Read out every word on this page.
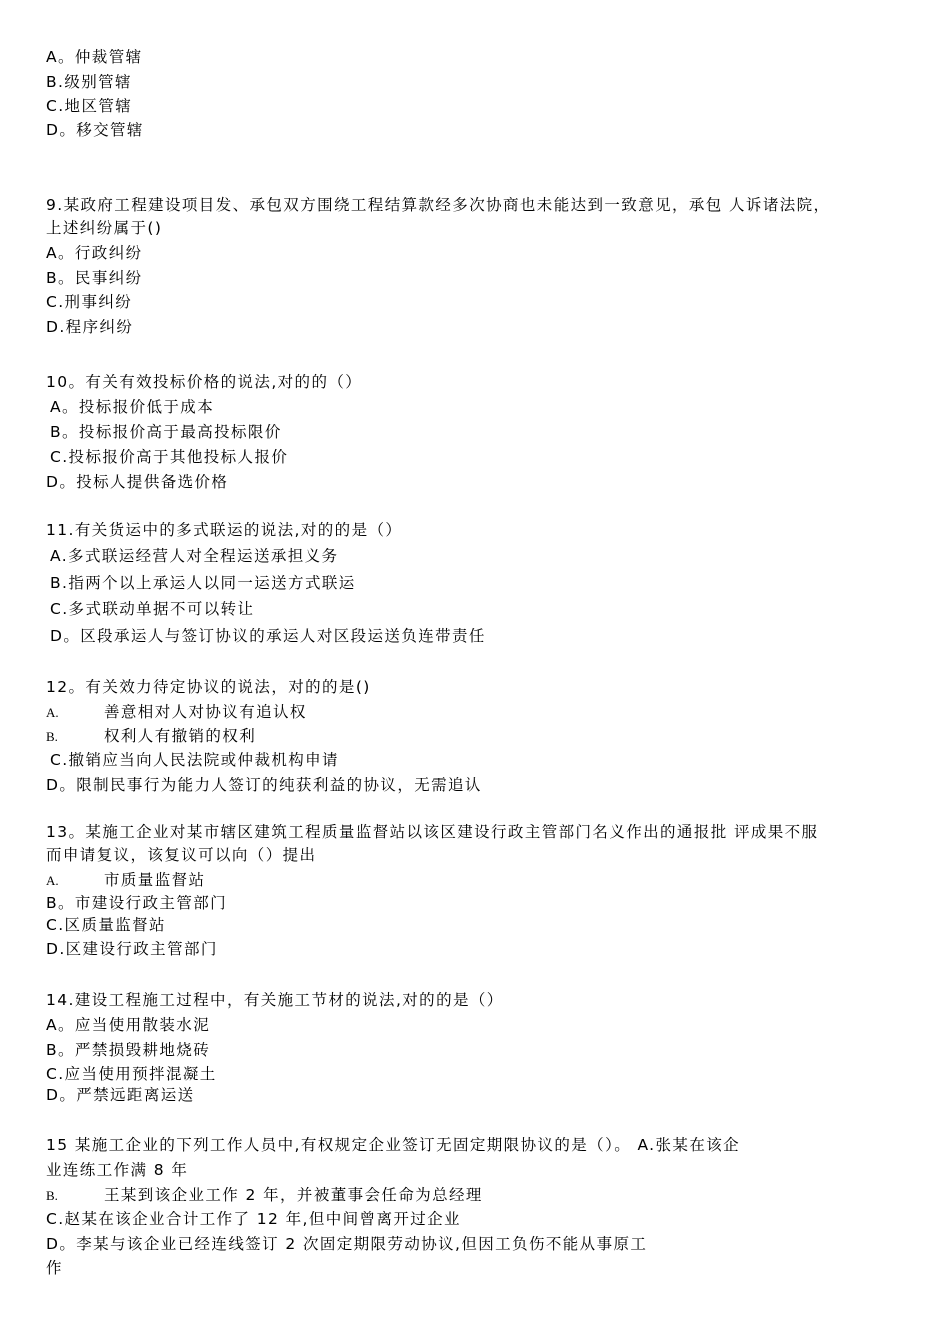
A。仲裁管辖
B.级别管辖
C.地区管辖
D。移交管辖
9.某政府工程建设项目发、承包双方围绕工程结算款经多次协商也未能达到一致意见，承包 人诉诸法院，
上述纠纷属于()
A。行政纠纷
B。民事纠纷
C.刑事纠纷
D.程序纠纷
10。有关有效投标价格的说法,对的的（）
A。投标报价低于成本
B。投标报价高于最高投标限价
C.投标报价高于其他投标人报价
D。投标人提供备选价格
11.有关货运中的多式联运的说法,对的的是（）
A.多式联运经营人对全程运送承担义务
B.指两个以上承运人以同一运送方式联运
C.多式联动单据不可以转让
D。区段承运人与签订协议的承运人对区段运送负连带责任
12。有关效力待定协议的说法，对的的是()
A.	善意相对人对协议有追认权
B.	权利人有撤销的权利
C.撤销应当向人民法院或仲裁机构申请
D。限制民事行为能力人签订的纯获利益的协议，无需追认
13。某施工企业对某市辖区建筑工程质量监督站以该区建设行政主管部门名义作出的通报批 评成果不服
而申请复议，该复议可以向（）提出
A.	市质量监督站
B。市建设行政主管部门
C.区质量监督站
D.区建设行政主管部门
14.建设工程施工过程中，有关施工节材的说法,对的的是（）
A。应当使用散装水泥
B。严禁损毁耕地烧砖
C.应当使用预拌混凝土
D。严禁远距离运送
15 某施工企业的下列工作人员中,有权规定企业签订无固定期限协议的是（）。 A.张某在该企
业连练工作满 8 年
B.	王某到该企业工作 2 年，并被董事会任命为总经理
C.赵某在该企业合计工作了 12 年,但中间曾离开过企业
D。李某与该企业已经连线签订 2 次固定期限劳动协议,但因工负伤不能从事原工
作
